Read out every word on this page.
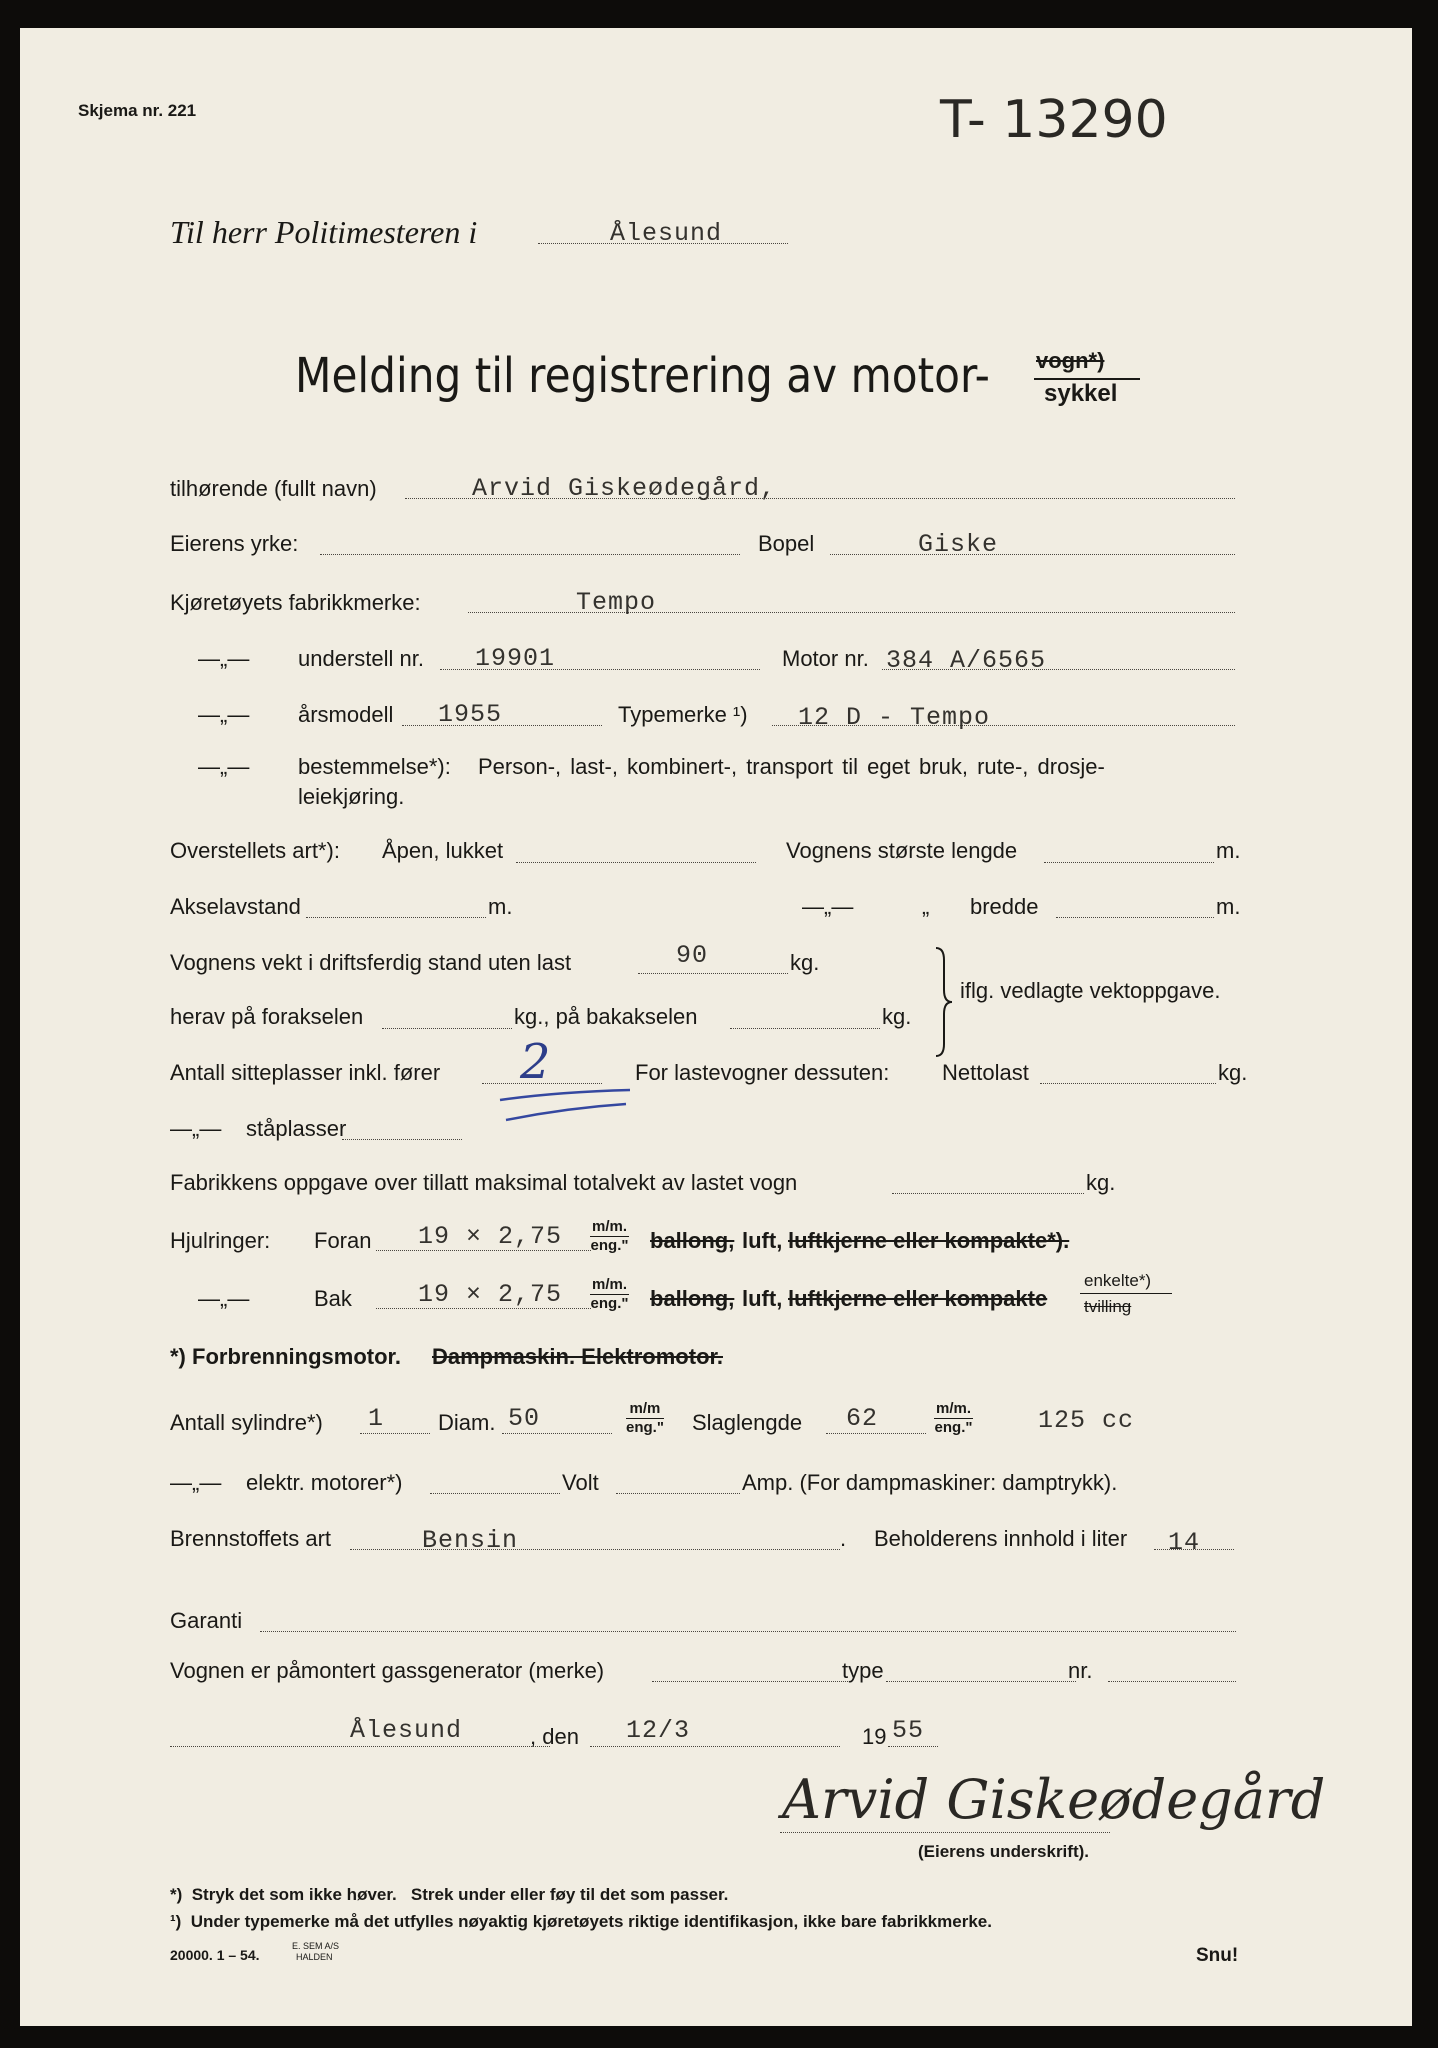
Skjema nr. 221	T- 13290
Til herr Politimesteren i	Ålesund
Melding til registrering av motor- vogn*)
sykkel
tilhørende (fullt navn)	Arvid Giskeødegård,
Eierens yrke:	Bopel	Giske
Kjøretøyets fabrikkmerke:	Tempo
—„— understell nr. 19901	Motor nr. 384 A/6565
—„— årsmodell 1955	Typemerke ¹) 12 D - Tempo
—„— bestemmelse*): Person-, last-, kombinert-, transport til eget bruk, rute-, drosje-
leiekjøring.
Overstellets art*): Åpen, lukket	Vognens største lengde	m.
Akselavstand	m.	—„—	„ bredde	m.
Vognens vekt i driftsferdig stand uten last	90	kg.
herav på forakselen	kg., på bakakselen	kg.
iflg. vedlagte vektoppgave.
Antall sitteplasser inkl. fører 2	For lastevogner dessuten: Nettolast	kg.
—„— ståplasser
Fabrikkens oppgave over tillatt maksimal totalvekt av lastet vogn	kg.
Hjulringer: Foran 19 × 2,75 m/m.
eng." ballong, luft, luftkjerne eller kompakte*).
—„—	Bak	19 × 2,75 m/m.
eng." ballong, luft, luftkjerne eller kompakte
enkelte*)
tvilling
*) Forbrenningsmotor. Dampmaskin. Elektromotor.
Antall sylindre*) 1 Diam. 50	m/m
eng." Slaglengde 62	m/m.
eng."	125 cc
—„— elektr. motorer*)	Volt	Amp. (For dampmaskiner: damptrykk).
Brennstoffets art	Bensin	. Beholderens innhold i liter 14
Garanti
Vognen er påmontert gassgenerator (merke)	type	nr.
Ålesund	, den 12/3	19 55
Arvid Giskeødegård
(Eierens underskrift).
*)  Stryk det som ikke høver.   Strek under eller føy til det som passer.
¹)  Under typemerke må det utfylles nøyaktig kjøretøyets riktige identifikasjon, ikke bare fabrikkmerke.
20000. 1 – 54.
E. SEM A/S
HALDEN	Snu!
